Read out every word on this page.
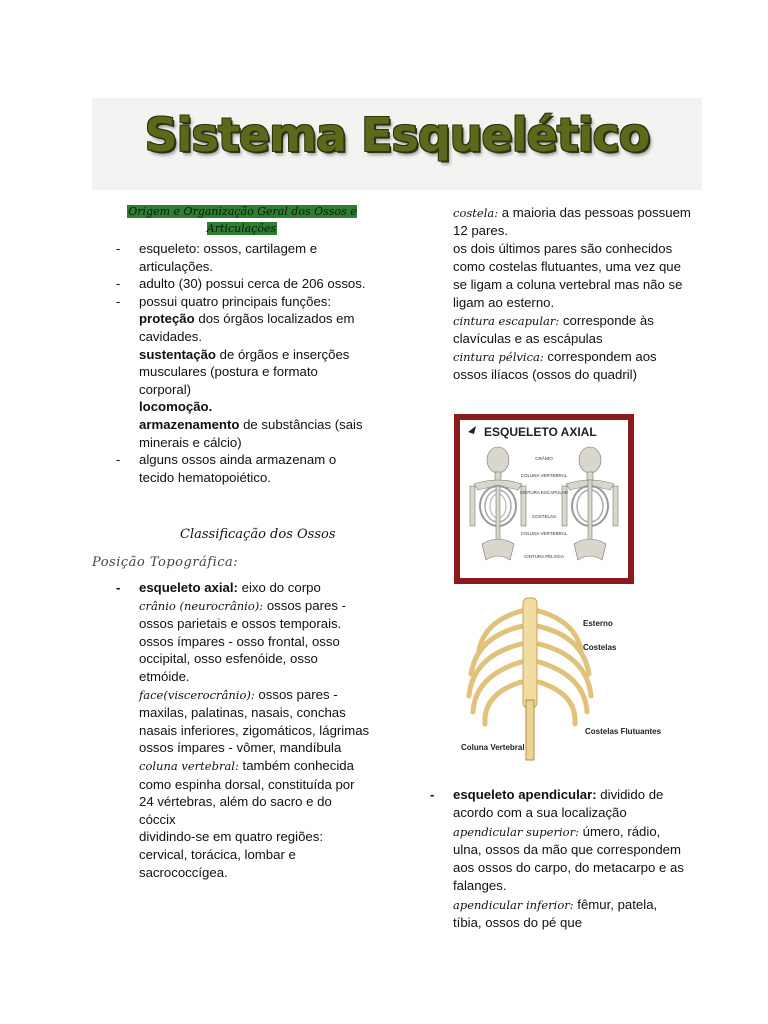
Sistema Esquelético
Origem e Organização Geral dos Ossos e Articulações
- esqueleto: ossos, cartilagem e articulações.
- adulto (30) possui cerca de 206 ossos.
- possui quatro principais funções:
proteção dos órgãos localizados em cavidades.
sustentação de órgãos e inserções musculares (postura e formato corporal)
locomoção.
armazenamento de substâncias (sais minerais e cálcio)
- alguns ossos ainda armazenam o tecido hematopoiético.
Classificação dos Ossos
Posição Topográfica:
- esqueleto axial: eixo do corpo
crânio (neurocrânio): ossos pares - ossos parietais e ossos temporais.
ossos ímpares - osso frontal, osso occipital, osso esfenóide, osso etmóide.
face(viscerocrânio): ossos pares - maxilas, palatinas, nasais, conchas nasais inferiores, zigomáticos, lágrimas
ossos ímpares - vômer, mandíbula
coluna vertebral: também conhecida como espinha dorsal, constituída por 24 vértebras, além do sacro e do cóccix
dividindo-se em quatro regiões: cervical, torácica, lombar e sacrococcígea.

costela: a maioria das pessoas possuem 12 pares.

os dois últimos pares são conhecidos como costelas flutuantes, uma vez que se ligam a coluna vertebral mas não se ligam ao esterno.

cintura escapular: corresponde às clavículas e as escápulas

cintura pélvica: correspondem aos ossos ilíacos (ossos do quadril)

ESQUELETO AXIAL
CRÂNIO
COLUNA VERTEBRAL
CINTURA ESCAPULAR
COSTELAS
COLUNA VERTEBRAL
CINTURA PÉLVICA
Esterno
Costelas
Costelas Flutuantes
Coluna Vertebral
- esqueleto apendicular: dividido de acordo com a sua localização
apendicular superior: úmero, rádio, ulna, ossos da mão que correspondem aos ossos do carpo, do metacarpo e as falanges.
apendicular inferior: fêmur, patela, tíbia, ossos do pé que
